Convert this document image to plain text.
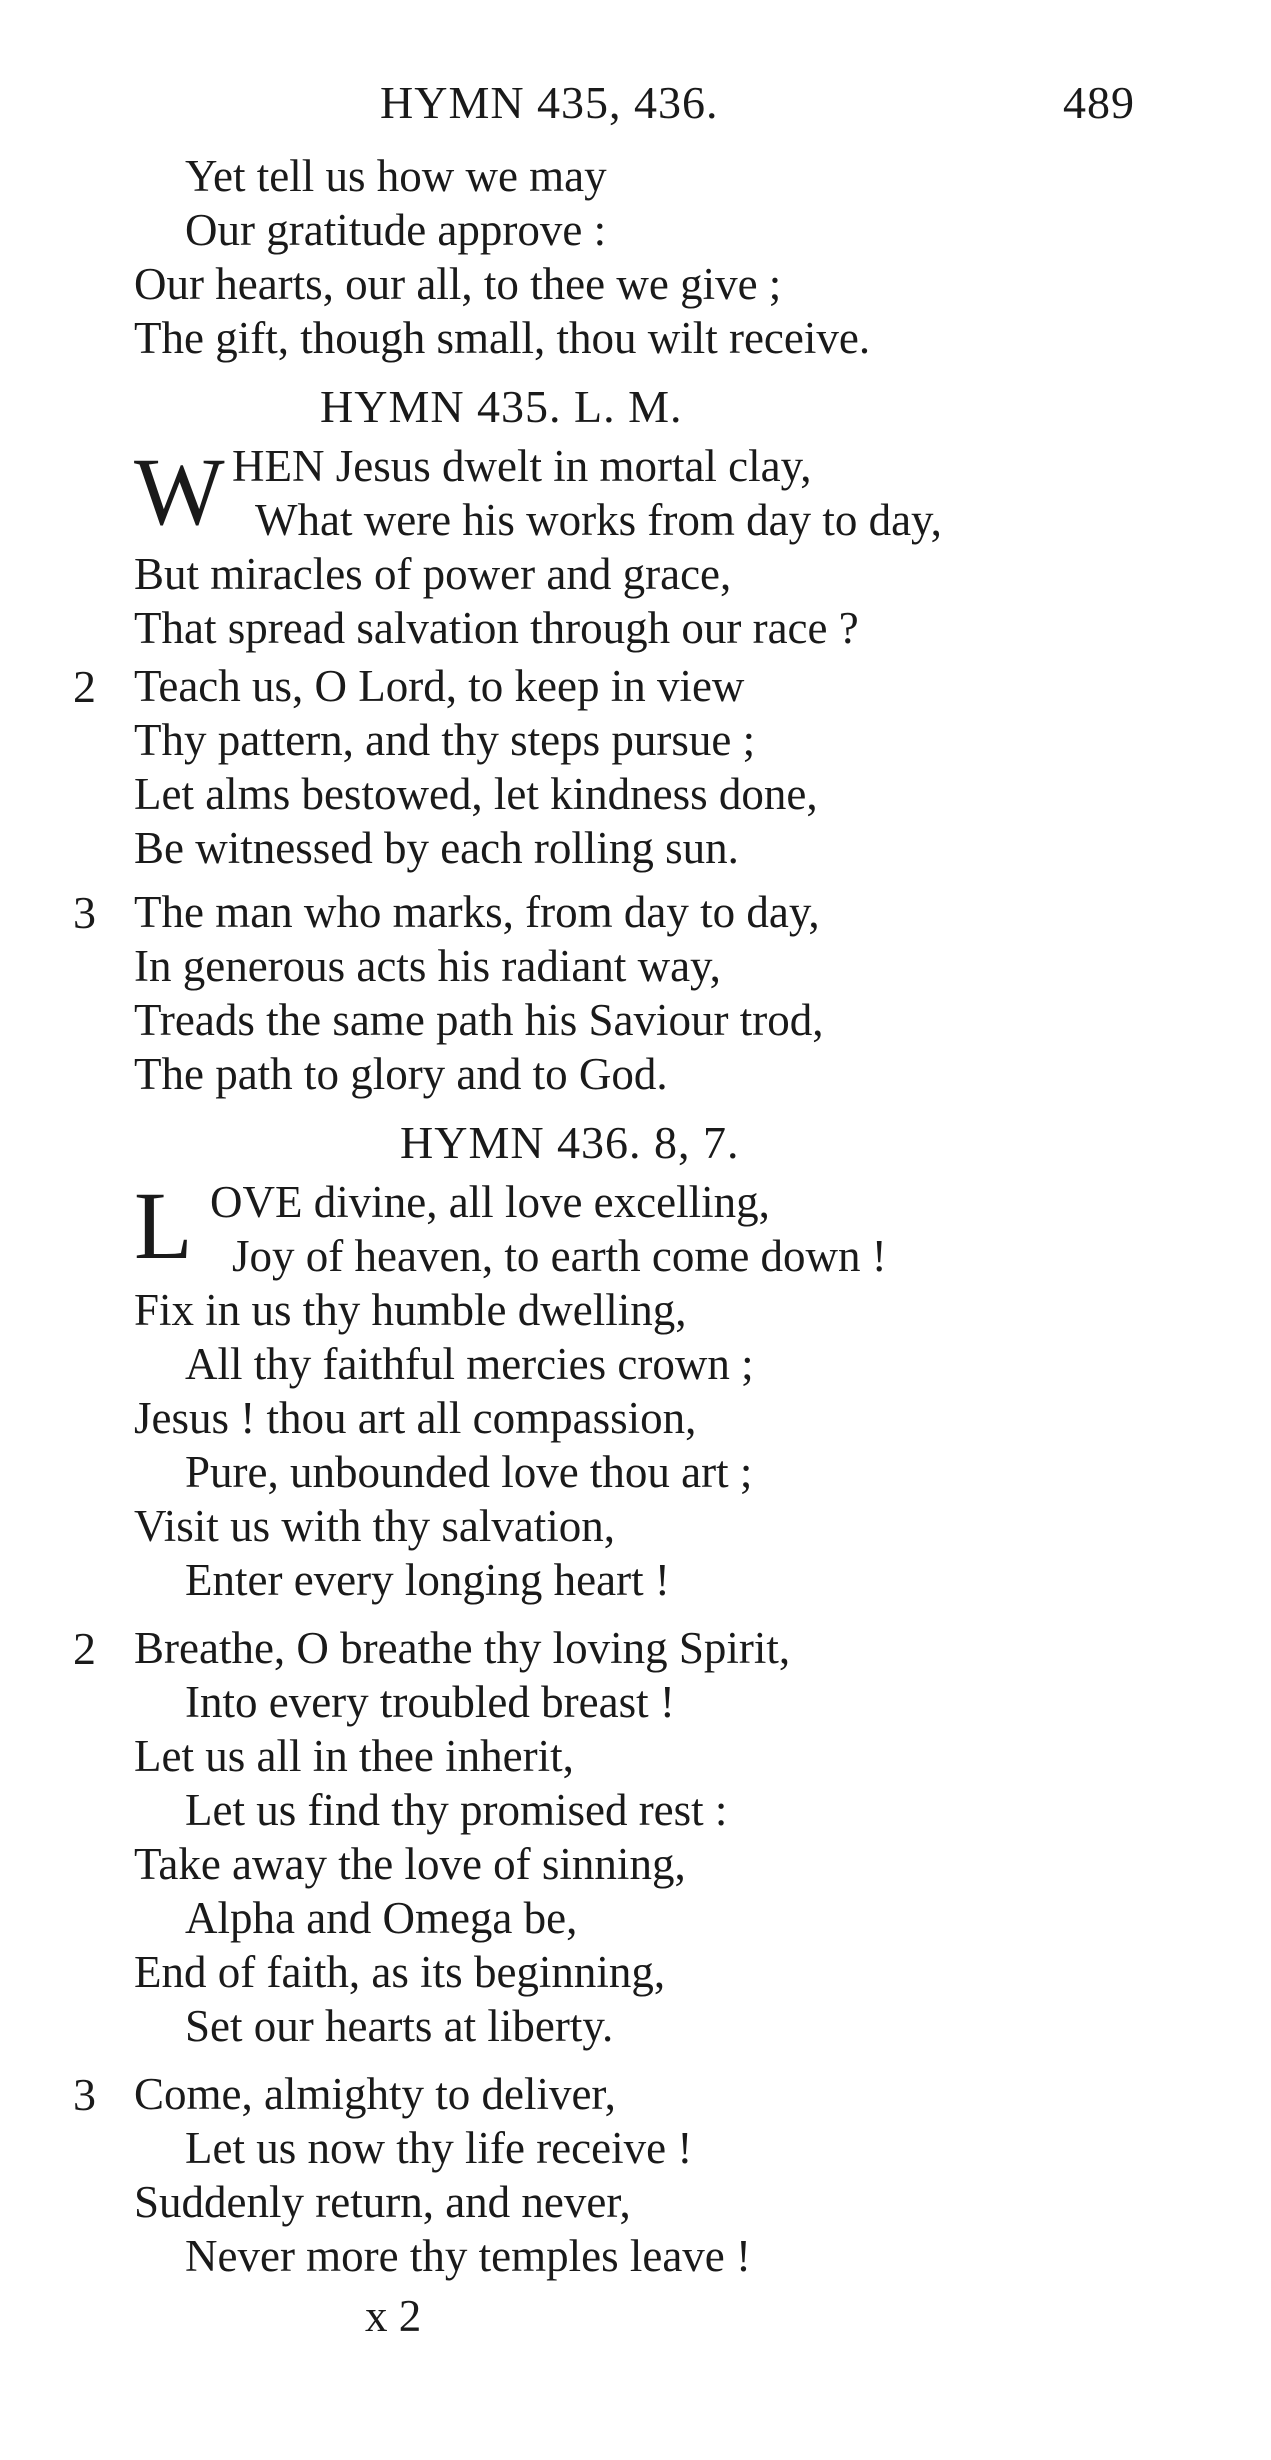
HYMN 435, 436.	489
Yet tell us how we may
Our gratitude approve :
Our hearts, our all, to thee we give ;
The gift, though small, thou wilt receive.
HYMN 435. L. M.
W HEN Jesus dwelt in mortal clay,
What were his works from day to day,
But miracles of power and grace,
That spread salvation through our race ?
2 Teach us, O Lord, to keep in view
Thy pattern, and thy steps pursue ;
Let alms bestowed, let kindness done,
Be witnessed by each rolling sun.
3 The man who marks, from day to day,
In generous acts his radiant way,
Treads the same path his Saviour trod,
The path to glory and to God.
HYMN 436. 8, 7.
L OVE divine, all love excelling,
Joy of heaven, to earth come down !
Fix in us thy humble dwelling,
All thy faithful mercies crown ;
Jesus ! thou art all compassion,
Pure, unbounded love thou art ;
Visit us with thy salvation,
Enter every longing heart !
2 Breathe, O breathe thy loving Spirit,
Into every troubled breast !
Let us all in thee inherit,
Let us find thy promised rest :
Take away the love of sinning,
Alpha and Omega be,
End of faith, as its beginning,
Set our hearts at liberty.
3 Come, almighty to deliver,
Let us now thy life receive !
Suddenly return, and never,
Never more thy temples leave !
x 2
